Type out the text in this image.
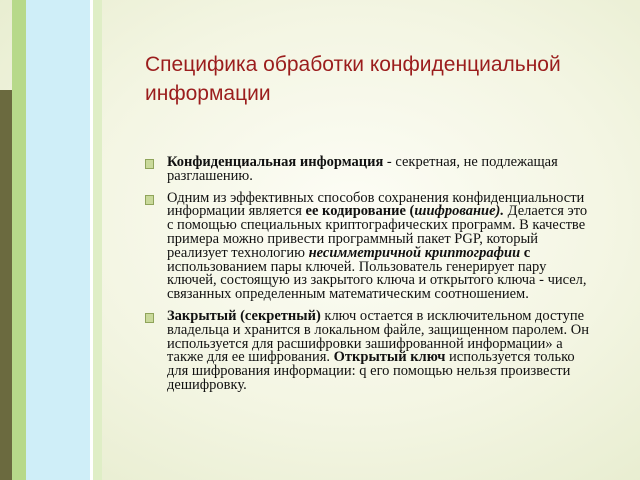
Специфика обработки конфиденциальной информации
Конфиденциальная информация - секретная, не подлежащая разглашению.
Одним из эффективных способов сохранения конфиденциальности информации является ее кодирование (шифрование). Делается это с помощью специальных криптографических программ. В качестве примера можно привести программный пакет PGP, который реализует технологию несимметричной криптографии с использованием пары ключей. Пользователь генерирует пару ключей, состоящую из закрытого ключа и открытого ключа - чисел, связанных определенным математическим соотношением.
Закрытый (секретный) ключ остается в исключительном доступе владельца и хранится в локальном файле, защищенном паролем. Он используется для расшифровки зашифрованной информации» а также для ее шифрования. Открытый ключ используется только для шифрования информации: q его помощью нельзя произвести дешифровку.
